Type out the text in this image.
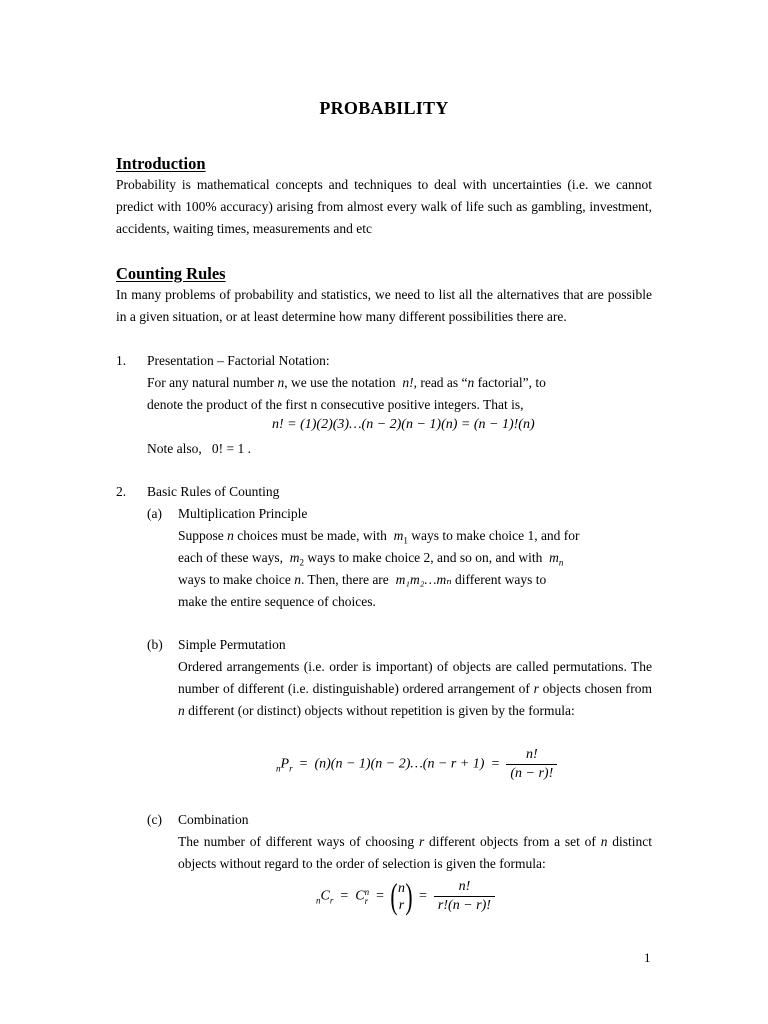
PROBABILITY
Introduction

Probability is mathematical concepts and techniques to deal with uncertainties (i.e. we cannot predict with 100% accuracy) arising from almost every walk of life such as gambling, investment, accidents, waiting times, measurements and etc

Counting Rules

In many problems of probability and statistics, we need to list all the alternatives that are possible in a given situation, or at least determine how many different possibilities there are.

1. Presentation – Factorial Notation:
For any natural number n, we use the notation n!, read as “n factorial”, to
denote the product of the first n consecutive positive integers. That is,
n! = (1)(2)(3)…(n − 2)(n − 1)(n) = (n − 1)!(n)
Note also, 0! = 1 .
2. Basic Rules of Counting
(a) Multiplication Principle
Suppose n choices must be made, with $m_1$ ways to make choice 1, and for
each of these ways, $m_2$ ways to make choice 2, and so on, and with $m_n$
ways to make choice n. Then, there are m₁m₂…mₙ different ways to
make the entire sequence of choices.
(b) Simple Permutation

Ordered arrangements (i.e. order is important) of objects are called permutations. The number of different (i.e. distinguishable) ordered arrangement of r objects chosen from n different (or distinct) objects without repetition is given by the formula:

$_nP_r = (n)(n - 1)(n$ − 2)…(n − $r + 1) = \frac{n!}{(n - r)!}$
(c) Combination

The number of different ways of choosing r different objects from a set of n distinct objects without regard to the order of selection is given the formula:

$_nC_r = C$ n
r = ( n
r ) = $\frac{n!}{r!(n - r)!}$
1
